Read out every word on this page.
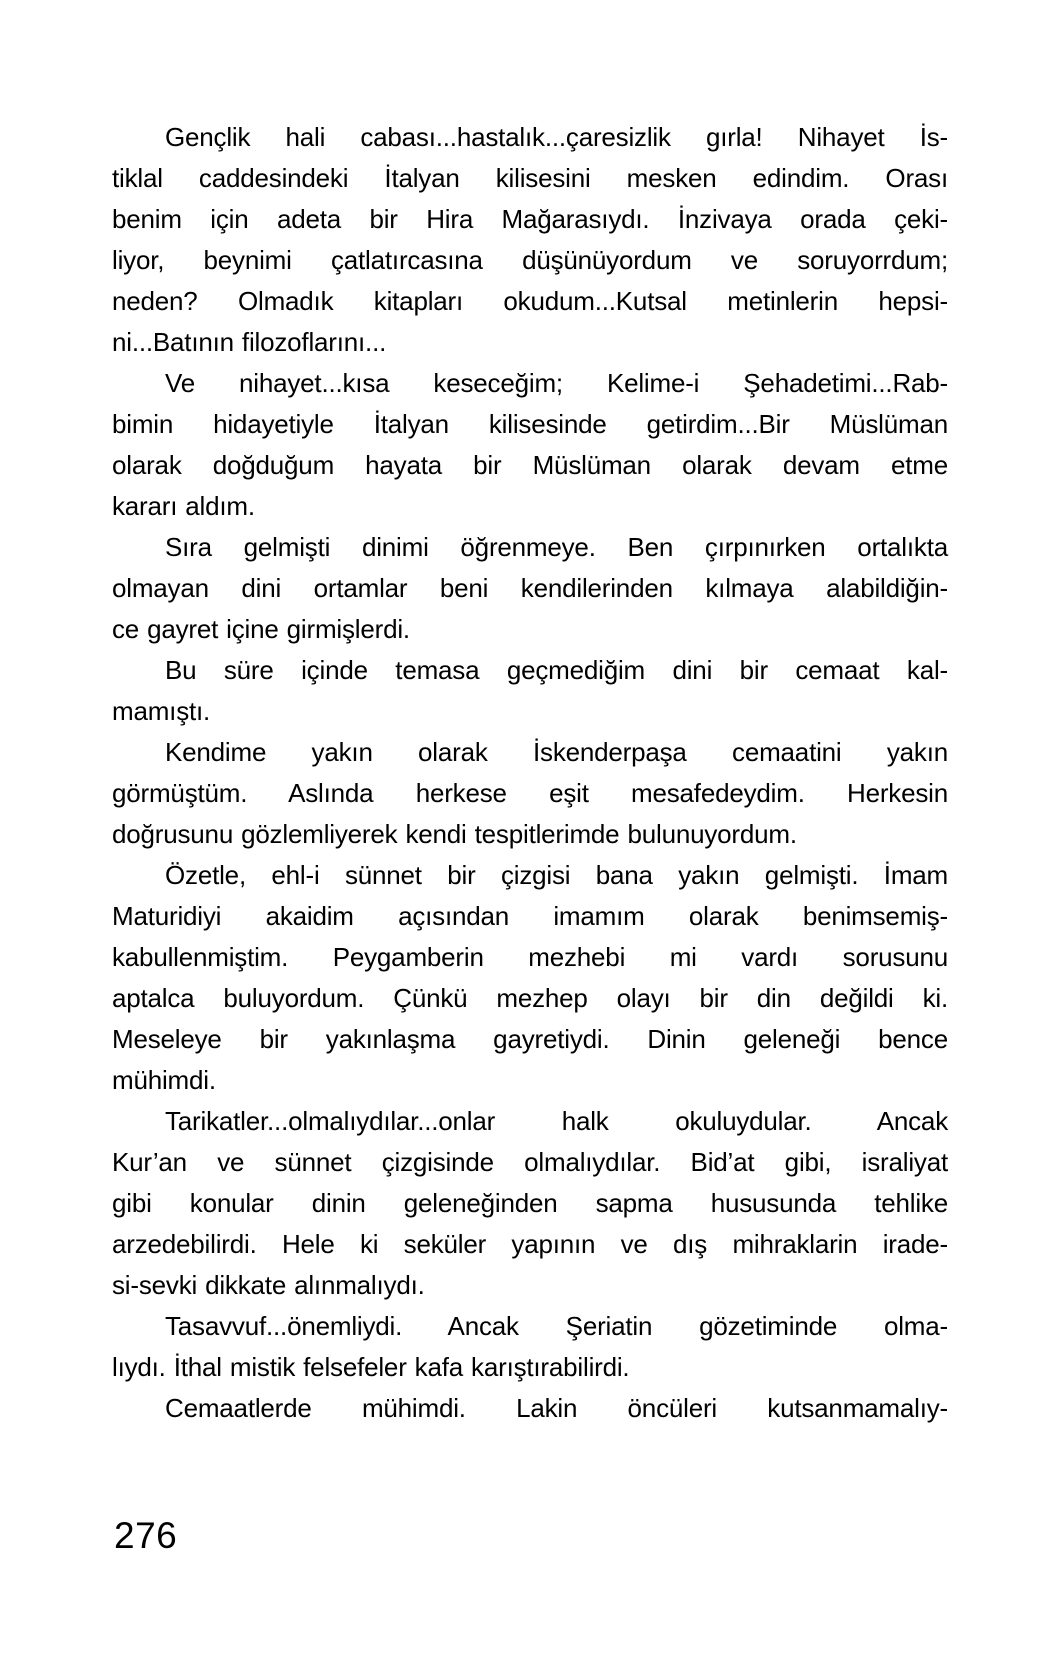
Gençlik hali cabası...hastalık...çaresizlik gırla! Nihayet İs-
tiklal caddesindeki İtalyan kilisesini mesken edindim. Orası
benim için adeta bir Hira Mağarasıydı. İnzivaya orada çeki-
liyor, beynimi çatlatırcasına düşünüyordum ve soruyorrdum;
neden? Olmadık kitapları okudum...Kutsal metinlerin hepsi-
ni...Batının filozoflarını...
Ve nihayet...kısa keseceğim; Kelime-i Şehadetimi...Rab-
bimin hidayetiyle İtalyan kilisesinde getirdim...Bir Müslüman
olarak doğduğum hayata bir Müslüman olarak devam etme
kararı aldım.
Sıra gelmişti dinimi öğrenmeye. Ben çırpınırken ortalıkta
olmayan dini ortamlar beni kendilerinden kılmaya alabildiğin-
ce gayret içine girmişlerdi.
Bu süre içinde temasa geçmediğim dini bir cemaat kal-
mamıştı.
Kendime yakın olarak İskenderpaşa cemaatini yakın
görmüştüm. Aslında herkese eşit mesafedeydim. Herkesin
doğrusunu gözlemliyerek kendi tespitlerimde bulunuyordum.
Özetle, ehl-i sünnet bir çizgisi bana yakın gelmişti. İmam
Maturidiyi akaidim açısından imamım olarak benimsemiş-
kabullenmiştim. Peygamberin mezhebi mi vardı sorusunu
aptalca buluyordum. Çünkü mezhep olayı bir din değildi ki.
Meseleye bir yakınlaşma gayretiydi. Dinin geleneği bence
mühimdi.
Tarikatler...olmalıydılar...onlar halk okuluydular. Ancak
Kur’an ve sünnet çizgisinde olmalıydılar. Bid’at gibi, israliyat
gibi konular dinin geleneğinden sapma hususunda tehlike
arzedebilirdi. Hele ki seküler yapının ve dış mihraklarin irade-
si-sevki dikkate alınmalıydı.
Tasavvuf...önemliydi. Ancak Şeriatin gözetiminde olma-
lıydı. İthal mistik felsefeler kafa karıştırabilirdi.
Cemaatlerde mühimdi. Lakin öncüleri kutsanmamalıy-
276
